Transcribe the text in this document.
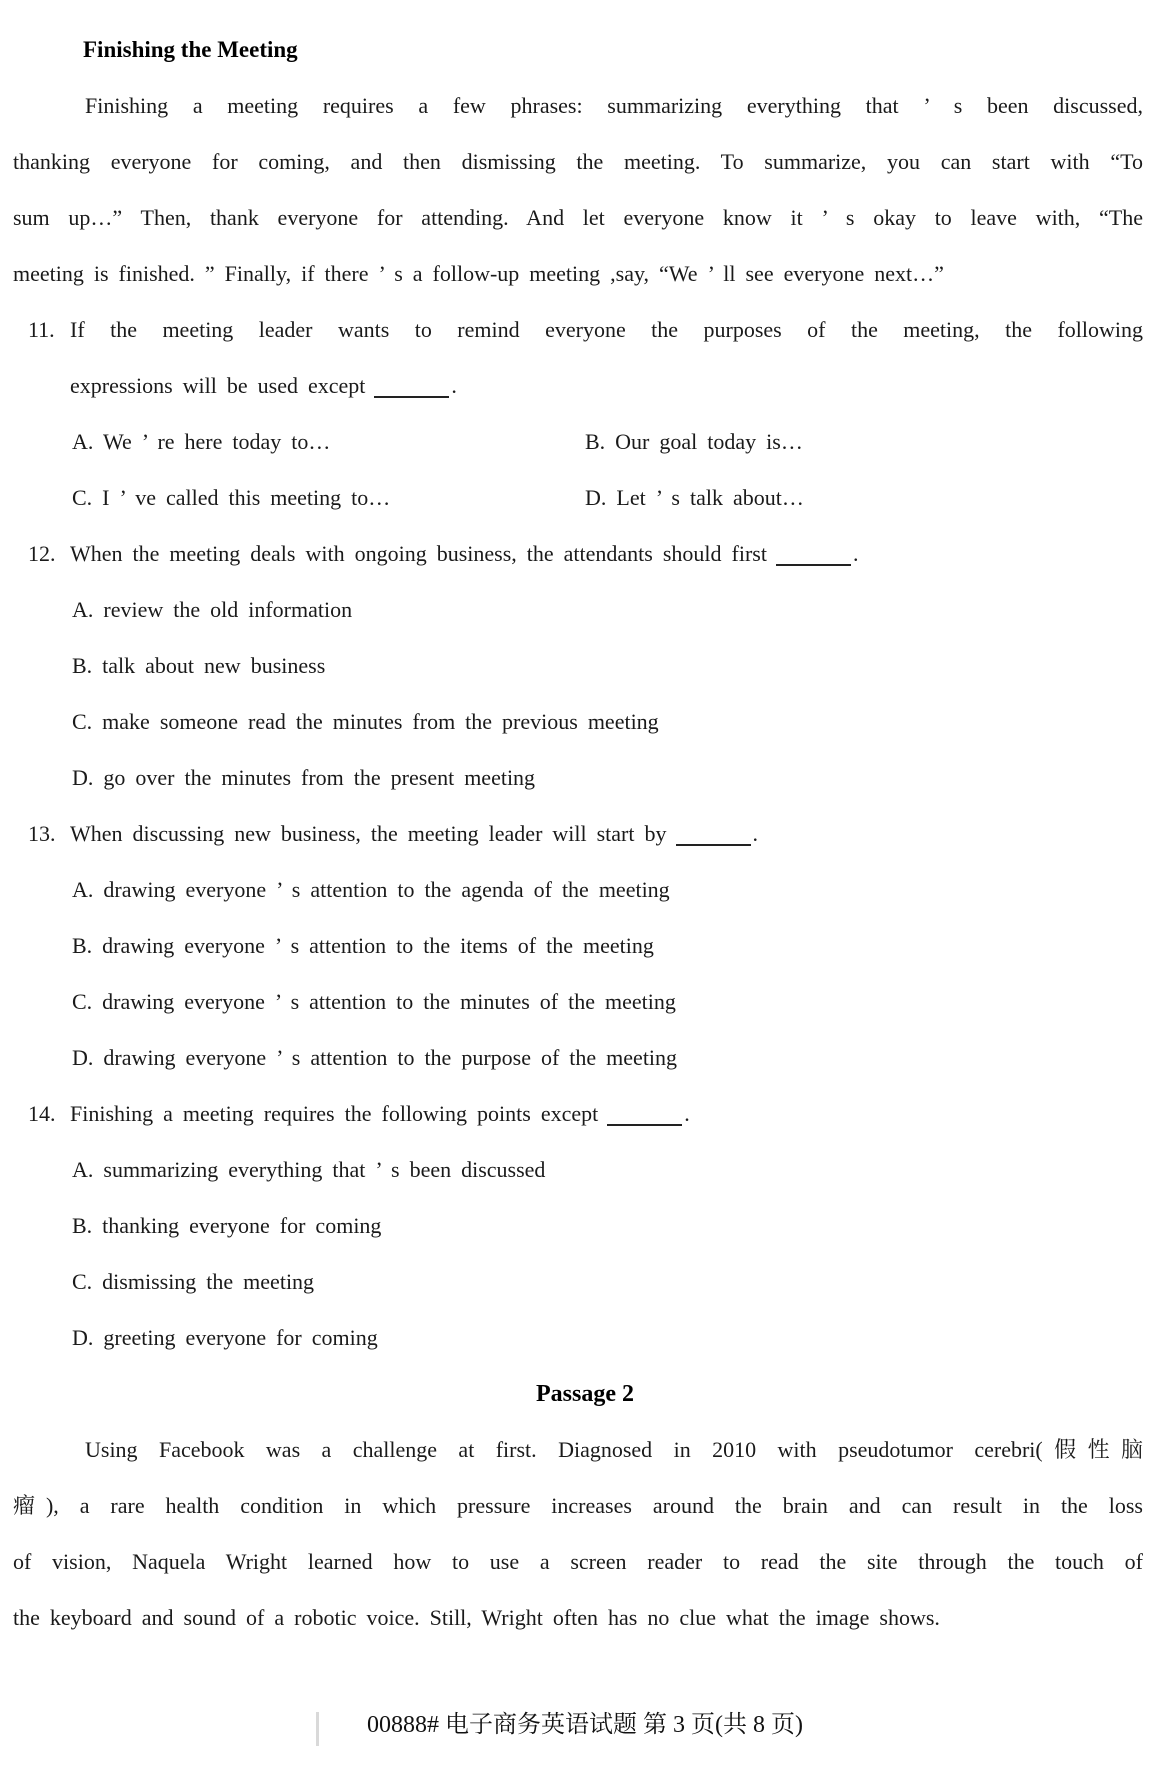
Finishing the Meeting
Finishing a meeting requires a few phrases: summarizing everything that ’ s been discussed,
thanking everyone for coming, and then dismissing the meeting. To summarize, you can start with “To
sum up…” Then, thank everyone for attending. And let everyone know it ’ s okay to leave with, “The
meeting is finished. ” Finally, if there ’ s a follow-up meeting ,say, “We ’ ll see everyone next…”
11. If the meeting leader wants to remind everyone the purposes of the meeting, the following
expressions will be used except	.
A. We ’ re here today to…	B. Our goal today is…
C. I ’ ve called this meeting to…	D. Let ’ s talk about…
12. When the meeting deals with ongoing business, the attendants should first	.
A. review the old information
B. talk about new business
C. make someone read the minutes from the previous meeting
D. go over the minutes from the present meeting
13. When discussing new business, the meeting leader will start by	.
A. drawing everyone ’ s attention to the agenda of the meeting
B. drawing everyone ’ s attention to the items of the meeting
C. drawing everyone ’ s attention to the minutes of the meeting
D. drawing everyone ’ s attention to the purpose of the meeting
14. Finishing a meeting requires the following points except	.
A. summarizing everything that ’ s been discussed
B. thanking everyone for coming
C. dismissing the meeting
D. greeting everyone for coming
Passage 2
Using Facebook was a challenge at first. Diagnosed in 2010 with pseudotumor cerebri(假性脑
瘤), a rare health condition in which pressure increases around the brain and can result in the loss
of vision, Naquela Wright learned how to use a screen reader to read the site through the touch of
the keyboard and sound of a robotic voice. Still, Wright often has no clue what the image shows.
00888# 电子商务英语试题 第 3 页(共 8 页)
